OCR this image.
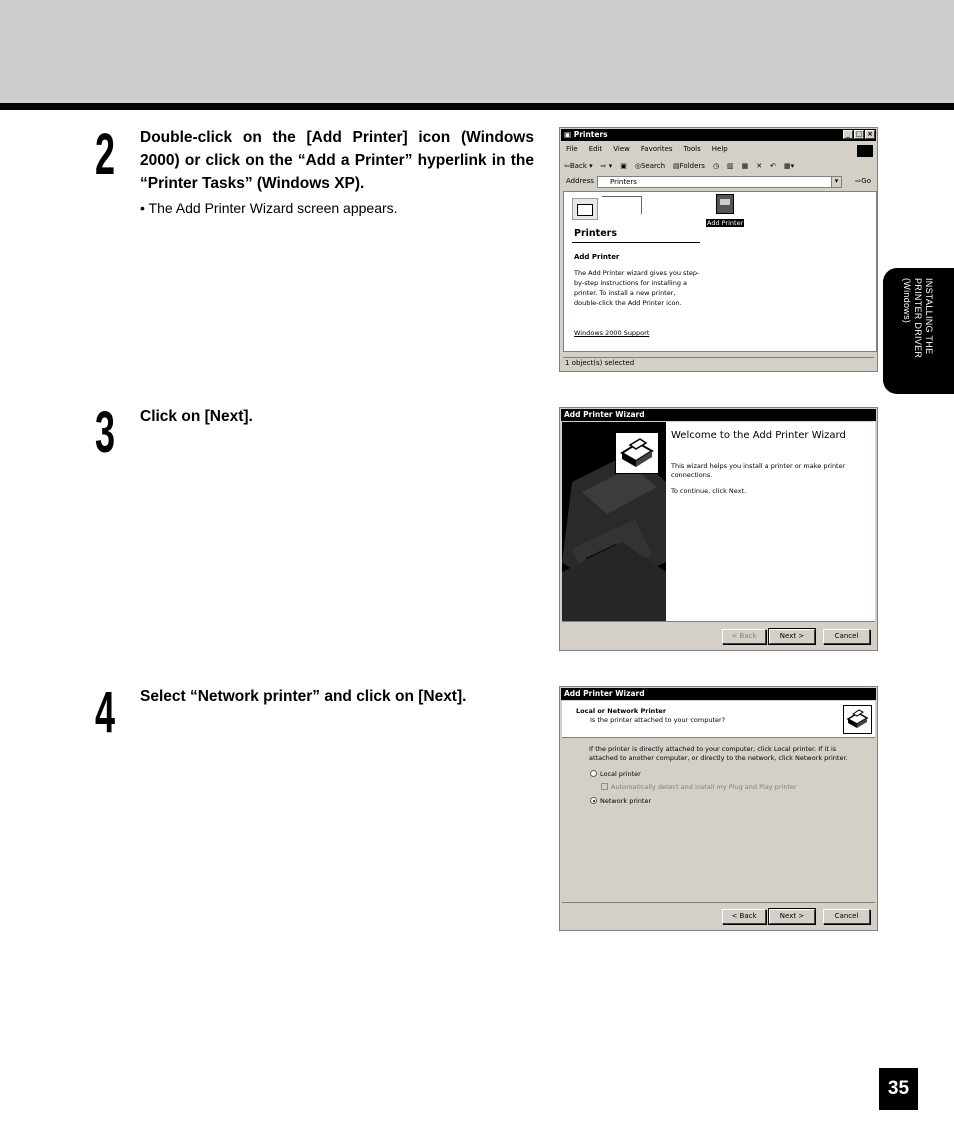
INSTALLING THE
PRINTER DRIVER
(Windows)
35
2 Double-click on the [Add Printer] icon (Windows 2000) or click on the “Add a Printer” hyperlink in the “Printer Tasks” (Windows XP).
• The Add Printer Wizard screen appears.
3 Click on [Next].
4 Select “Network printer” and click on [Next].
▣ Printers	_ □ ×
File Edit View Favorites Tools Help
⇦Back ▾ ⇨ ▾ ▣ ◎Search ▤Folders ◷ ▥ ▦ ✕ ↶ ▦▾
Address	Printers	▾	⇨Go
Printers
Add Printer
The Add Printer wizard gives you step-by-step instructions for installing a printer. To install a new printer, double-click the Add Printer icon.
Windows 2000 Support
Add Printer
1 object(s) selected
Add Printer Wizard
Welcome to the Add Printer Wizard
This wizard helps you install a printer or make printer connections.
To continue, click Next.
< Back	Next >	Cancel
Add Printer Wizard
Local or Network Printer
Is the printer attached to your computer?
If the printer is directly attached to your computer, click Local printer. If it is attached to another computer, or directly to the network, click Network printer.
Local printer
Automatically detect and install my Plug and Play printer
Network printer
< Back	Next >	Cancel
